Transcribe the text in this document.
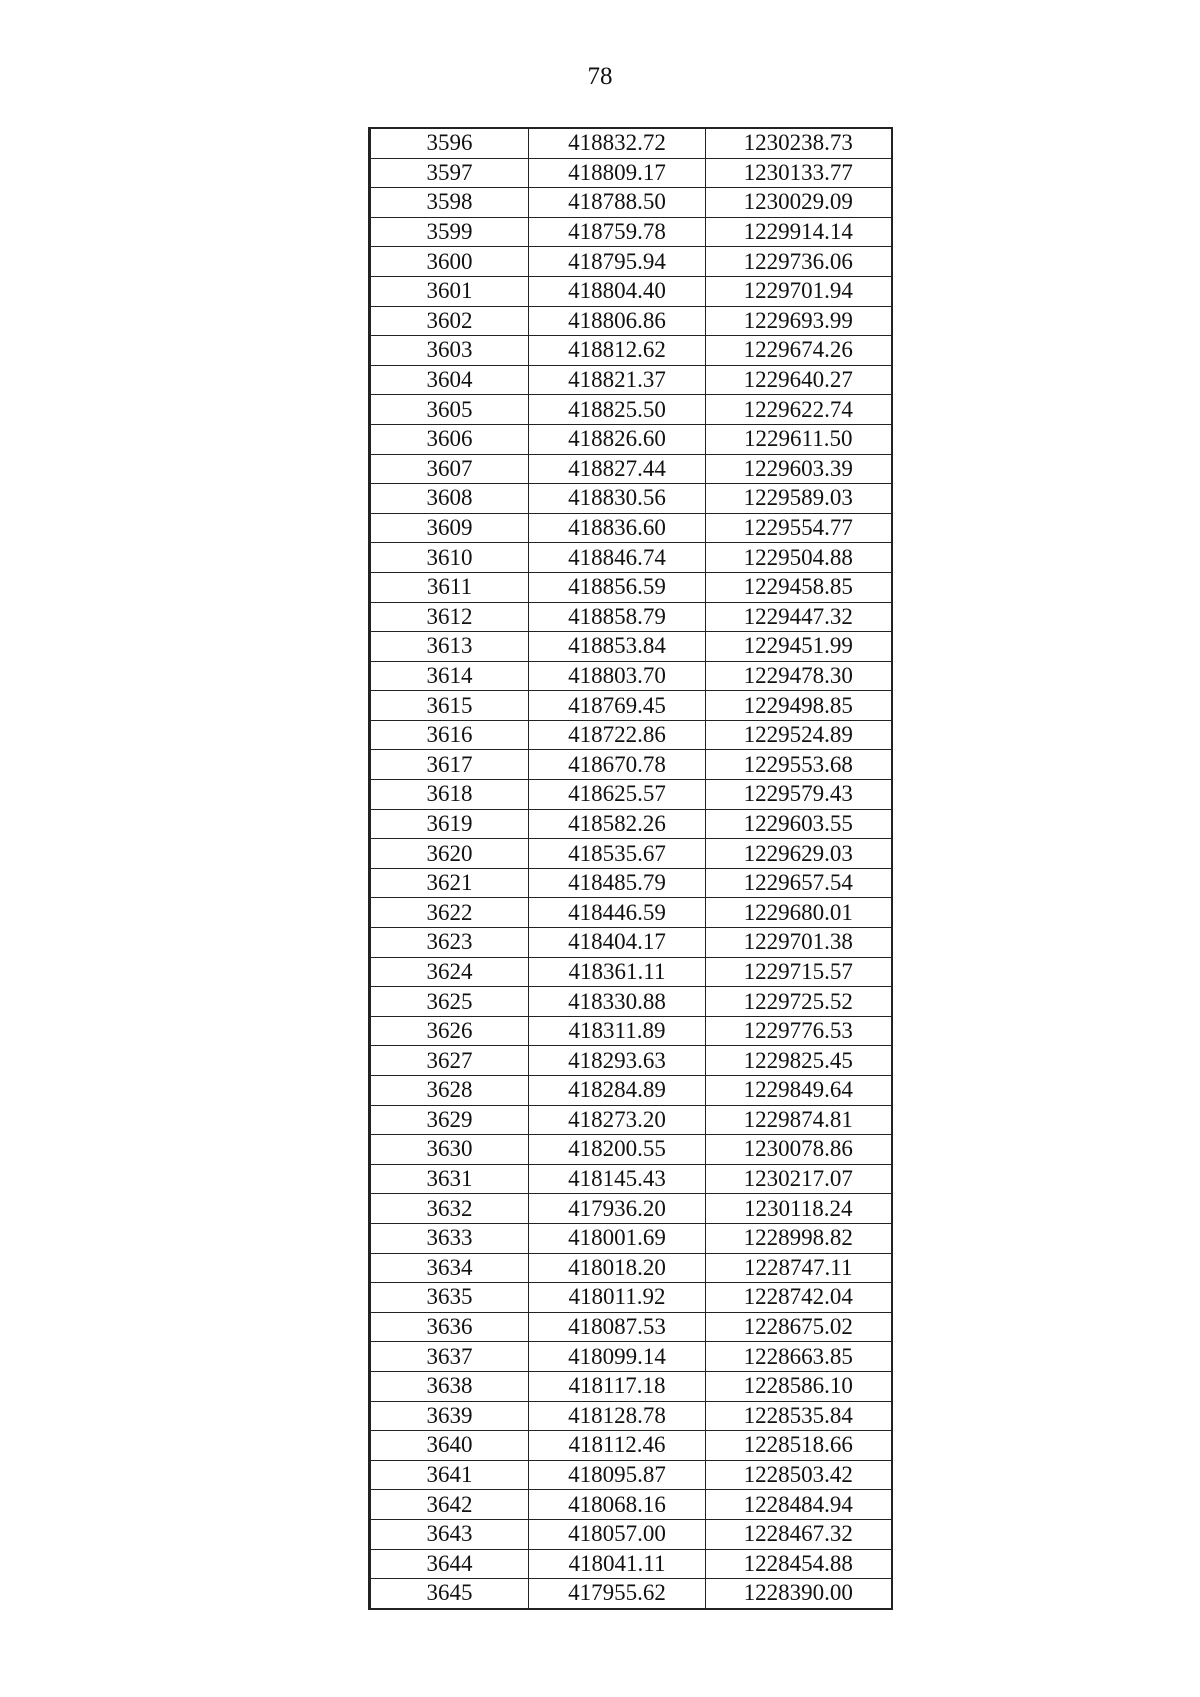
78
3596	418832.72	1230238.73
3597	418809.17	1230133.77
3598	418788.50	1230029.09
3599	418759.78	1229914.14
3600	418795.94	1229736.06
3601	418804.40	1229701.94
3602	418806.86	1229693.99
3603	418812.62	1229674.26
3604	418821.37	1229640.27
3605	418825.50	1229622.74
3606	418826.60	1229611.50
3607	418827.44	1229603.39
3608	418830.56	1229589.03
3609	418836.60	1229554.77
3610	418846.74	1229504.88
3611	418856.59	1229458.85
3612	418858.79	1229447.32
3613	418853.84	1229451.99
3614	418803.70	1229478.30
3615	418769.45	1229498.85
3616	418722.86	1229524.89
3617	418670.78	1229553.68
3618	418625.57	1229579.43
3619	418582.26	1229603.55
3620	418535.67	1229629.03
3621	418485.79	1229657.54
3622	418446.59	1229680.01
3623	418404.17	1229701.38
3624	418361.11	1229715.57
3625	418330.88	1229725.52
3626	418311.89	1229776.53
3627	418293.63	1229825.45
3628	418284.89	1229849.64
3629	418273.20	1229874.81
3630	418200.55	1230078.86
3631	418145.43	1230217.07
3632	417936.20	1230118.24
3633	418001.69	1228998.82
3634	418018.20	1228747.11
3635	418011.92	1228742.04
3636	418087.53	1228675.02
3637	418099.14	1228663.85
3638	418117.18	1228586.10
3639	418128.78	1228535.84
3640	418112.46	1228518.66
3641	418095.87	1228503.42
3642	418068.16	1228484.94
3643	418057.00	1228467.32
3644	418041.11	1228454.88
3645	417955.62	1228390.00
